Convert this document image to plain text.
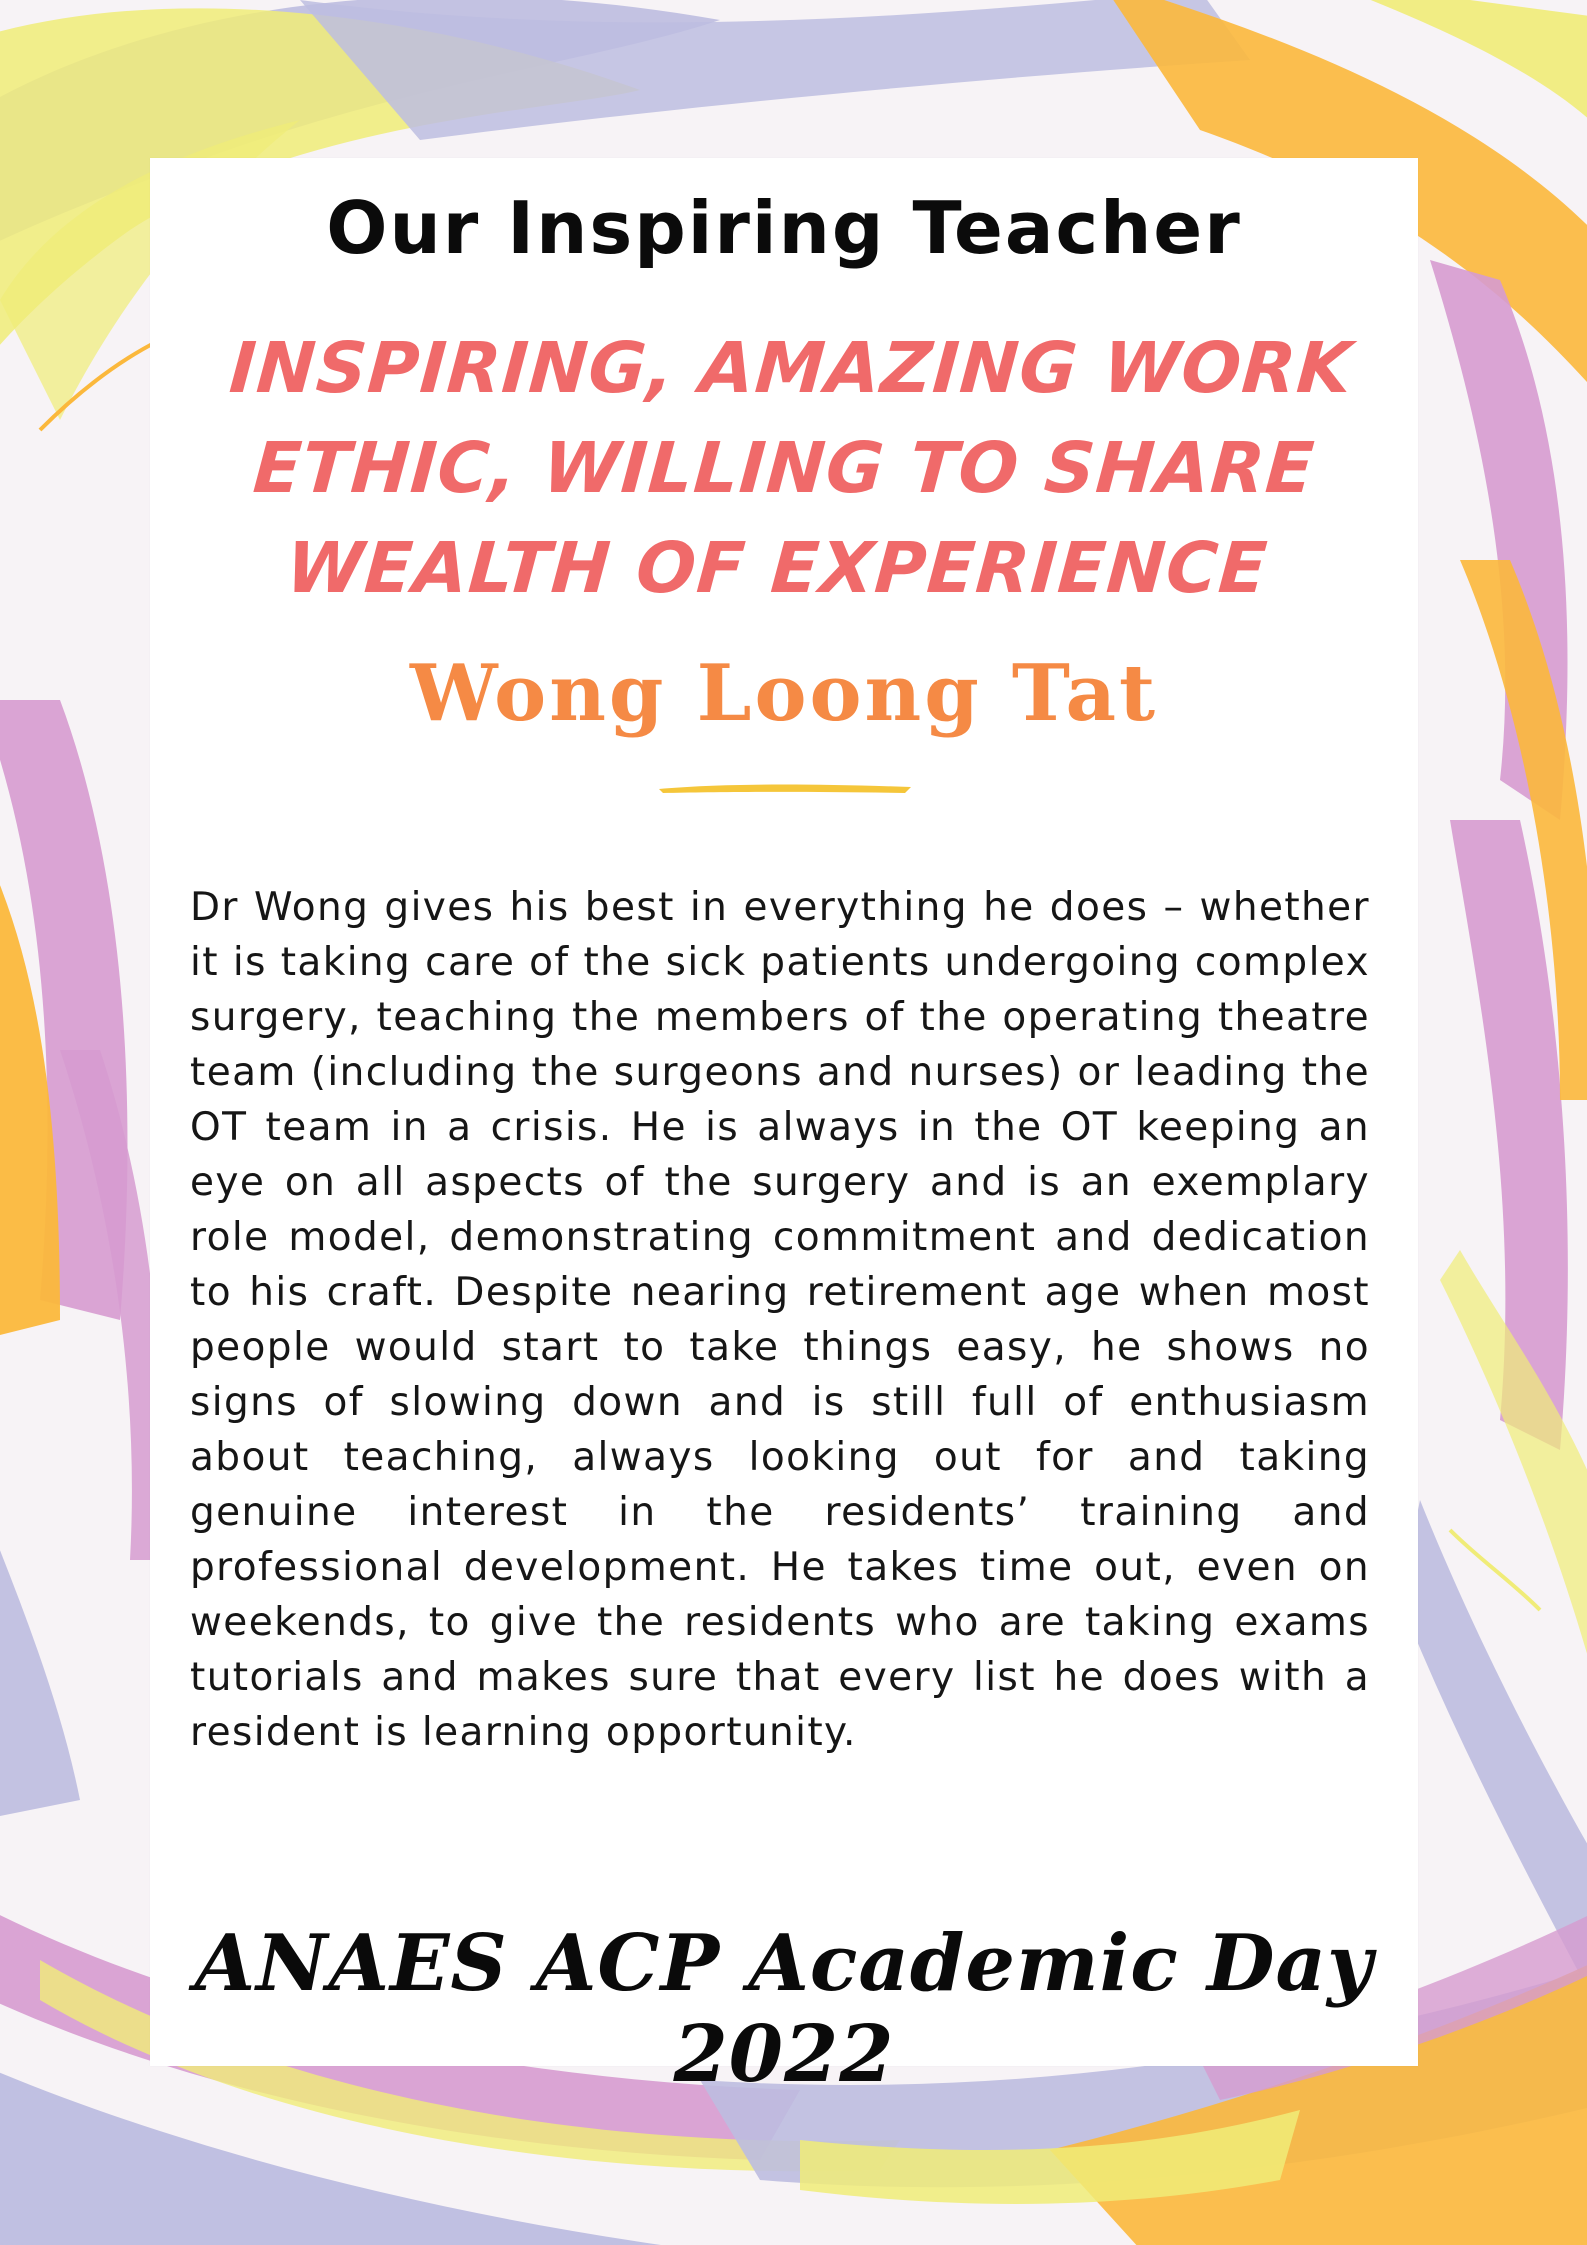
Our Inspiring Teacher

INSPIRING, AMAZING WORK ETHIC, WILLING TO SHARE WEALTH OF EXPERIENCE

Wong Loong Tat

Dr Wong gives his best in everything he does – whether it is taking care of the sick patients undergoing complex surgery, teaching the members of the operating theatre team (including the surgeons and nurses) or leading the OT team in a crisis. He is always in the OT keeping an eye on all aspects of the surgery and is an exemplary role model, demonstrating commitment and dedication to his craft. Despite nearing retirement age when most people would start to take things easy, he shows no signs of slowing down and is still full of enthusiasm about teaching, always looking out for and taking genuine interest in the residents’ training and professional development. He takes time out, even on weekends, to give the residents who are taking exams tutorials and makes sure that every list he does with a resident is learning opportunity.

ANAES ACP Academic Day 2022
